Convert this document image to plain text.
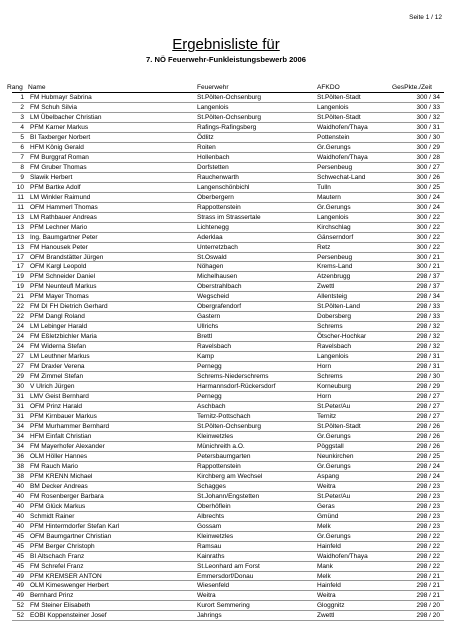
Seite 1 / 12
Ergebnisliste für
7. NÖ Feuerwehr-Funkleistungsbewerb 2006
Rang Name	Feuerwehr	AFKDO	GesPkte./Zeit
1 FM Hubmayr Sabrina	St.Pölten-Ochsenburg	St.Pölten-Stadt	300 / 34
2 FM Schuh Silvia	Langenlois	Langenlois	300 / 33
3 LM Übelbacher Christian	St.Pölten-Ochsenburg	St.Pölten-Stadt	300 / 32
4 PFM Karner Markus	Rafings-Rafingsberg	Waidhofen/Thaya	300 / 31
5 BI Taxberger Norbert	Ödlitz	Pottenstein	300 / 30
6 HFM Kônig Gerald	Roiten	Gr.Gerungs	300 / 29
7 FM Burggraf Roman	Hollenbach	Waidhofen/Thaya	300 / 28
8 FM Gruber Thomas	Dorfstetten	Persenbeug	300 / 27
9 Slawik Herbert	Rauchenwarth	Schwechat-Land	300 / 26
10 PFM Bartke Adolf	Langenschönbichl	Tulln	300 / 25
11 LM Winkler Raimund	Oberbergern	Mautern	300 / 24
11 OFM Hammerl Thomas	Rappottenstein	Gr.Gerungs	300 / 24
13 LM Rathbauer Andreas	Strass im Strassertale	Langenlois	300 / 22
13 PFM Lechner Mario	Lichtenegg	Kirchschlag	300 / 22
13 Ing. Baumgartner Peter	Aderklaa	Gänserndorf	300 / 22
13 FM Hanousek Peter	Unterretzbach	Retz	300 / 22
17 OFM Brandstätter Jürgen	St.Oswald	Persenbeug	300 / 21
17 OFM Kargl Leopold	Nöhagen	Krems-Land	300 / 21
19 PFM Schneider Daniel	Michelhausen	Atzenbrugg	298 / 37
19 PFM Neunteufl Markus	Oberstrahlbach	Zwettl	298 / 37
21 PFM Mayer Thomas	Wegscheid	Allentsteig	298 / 34
22 FM DI FH Dietrich Gerhard	Obergrafendorf	St.Pölten-Land	298 / 33
22 PFM Dangl Roland	Gastern	Dobersberg	298 / 33
24 LM Lebinger Harald	Ullrichs	Schrems	298 / 32
24 FM Eßletzbichler Maria	Brettl	Ötscher-Hochkar	298 / 32
24 FM Widerna Stefan	Ravelsbach	Ravelsbach	298 / 32
27 LM Leuthner Markus	Kamp	Langenlois	298 / 31
27 FM Draxler Verena	Pernegg	Horn	298 / 31
29 FM Zimmel Stefan	Schrems-Niederschrems	Schrems	298 / 30
30 V Ulrich Jürgen	Harmannsdorf-Rückersdorf	Korneuburg	298 / 29
31 LMV Geist Bernhard	Pernegg	Horn	298 / 27
31 OFM Prinz Harald	Aschbach	St.Peter/Au	298 / 27
31 PFM Kirnbauer Markus	Ternitz-Pottschach	Ternitz	298 / 27
34 PFM Murhammer Bernhard	St.Pölten-Ochsenburg	St.Pölten-Stadt	298 / 26
34 HFM Einfalt Christian	Kleinwetzles	Gr.Gerungs	298 / 26
34 FM Mayerhofer Alexander	Münichreith a.O.	Pöggstall	298 / 26
36 OLM Höller Hannes	Petersbaumgarten	Neunkirchen	298 / 25
38 FM Rauch Mario	Rappottenstein	Gr.Gerungs	298 / 24
38 PFM KRENN Michael	Kirchberg am Wechsel	Aspang	298 / 24
40 BM Decker Andreas	Schagges	Weitra	298 / 23
40 FM Rosenberger Barbara	St.Johann/Engstetten	St.Peter/Au	298 / 23
40 PFM Glück Markus	Oberhöflein	Geras	298 / 23
40 Schmidt Rainer	Albrechts	Gmünd	298 / 23
40 PFM Hintermdorfer Stefan Karl	Gossam	Melk	298 / 23
45 OFM Baumgartner Christian	Kleinwetzles	Gr.Gerungs	298 / 22
45 PFM Berger Christoph	Ramsau	Hainfeld	298 / 22
45 BI Altschach Franz	Kainraths	Waidhofen/Thaya	298 / 22
45 FM Schrefel Franz	St.Leonhard am Forst	Mank	298 / 22
49 PFM KREMSER ANTON	Emmersdorf/Donau	Melk	298 / 21
49 OLM Kimeswenger Herbert	Wiesenfeld	Hainfeld	298 / 21
49 Bernhard Prinz	Weitra	Weitra	298 / 21
52 FM Steiner Elisabeth	Kurort Semmering	Gloggnitz	298 / 20
52 EOBI Koppensteiner Josef	Jahrings	Zwettl	298 / 20
